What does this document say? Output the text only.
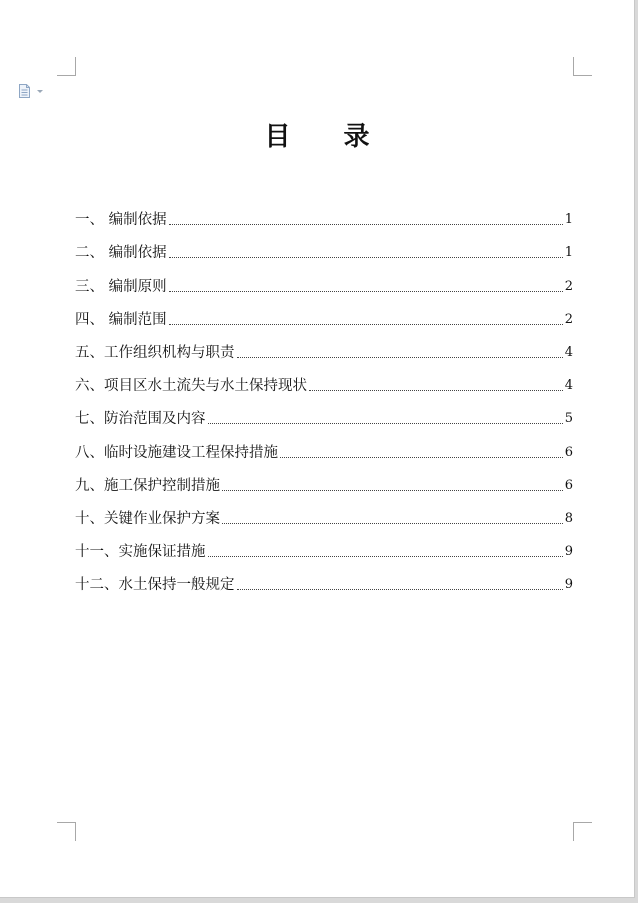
目 录
一、 编制依据	1
二、 编制依据	1
三、 编制原则	2
四、 编制范围	2
五、 工作组织机构与职责	4
六、 项目区水土流失与水土保持现状	4
七、 防治范围及内容	5
八、 临时设施建设工程保持措施	6
九、 施工保护控制措施	6
十、 关键作业保护方案	8
十一、 实施保证措施	9
十二、 水土保持一般规定	9
